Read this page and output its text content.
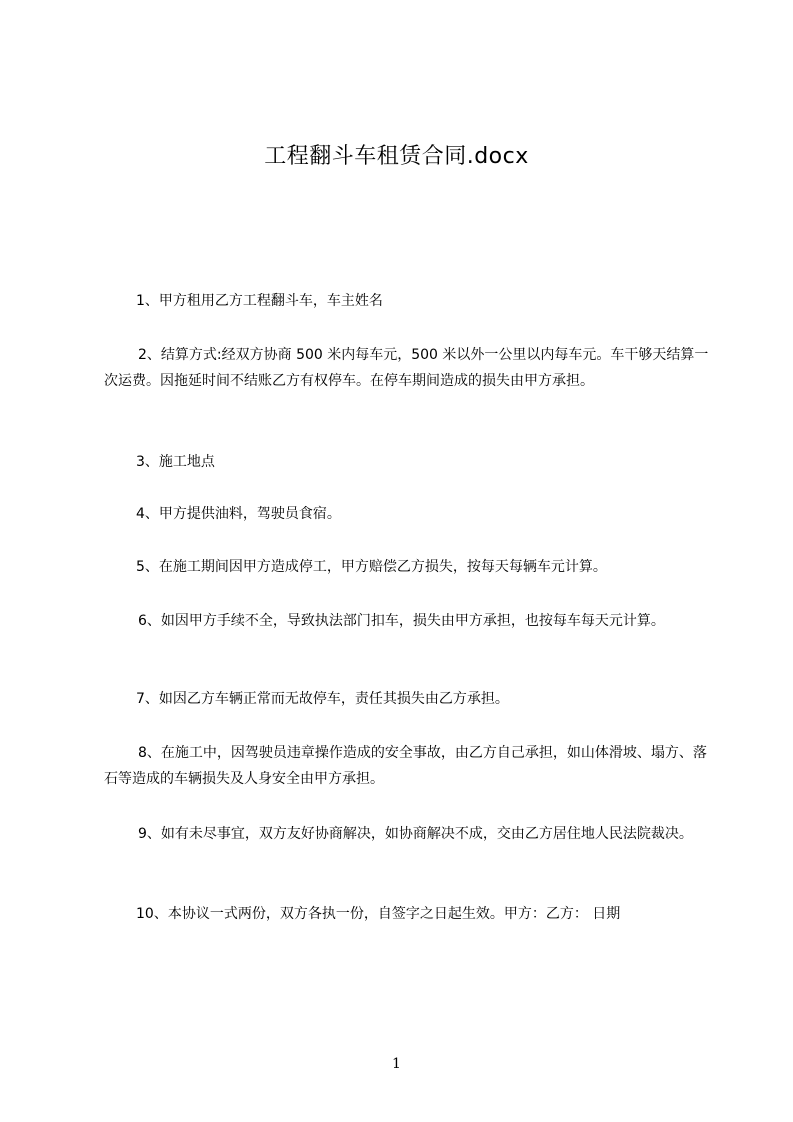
工程翻斗车租赁合同.docx

1、甲方租用乙方工程翻斗车，车主姓名

2、结算方式:经双方协商 500 米内每车元，500 米以外一公里以内每车元。车干够天结算一次运费。因拖延时间不结账乙方有权停车。在停车期间造成的损失由甲方承担。

3、施工地点

4、甲方提供油料，驾驶员食宿。

5、在施工期间因甲方造成停工，甲方赔偿乙方损失，按每天每辆车元计算。

6、如因甲方手续不全，导致执法部门扣车，损失由甲方承担，也按每车每天元计算。

7、如因乙方车辆正常而无故停车，责任其损失由乙方承担。

8、在施工中，因驾驶员违章操作造成的安全事故，由乙方自己承担，如山体滑坡、塌方、落石等造成的车辆损失及人身安全由甲方承担。

9、如有未尽事宜，双方友好协商解决，如协商解决不成，交由乙方居住地人民法院裁决。

10、本协议一式两份，双方各执一份，自签字之日起生效。甲方：乙方： 日期

1
